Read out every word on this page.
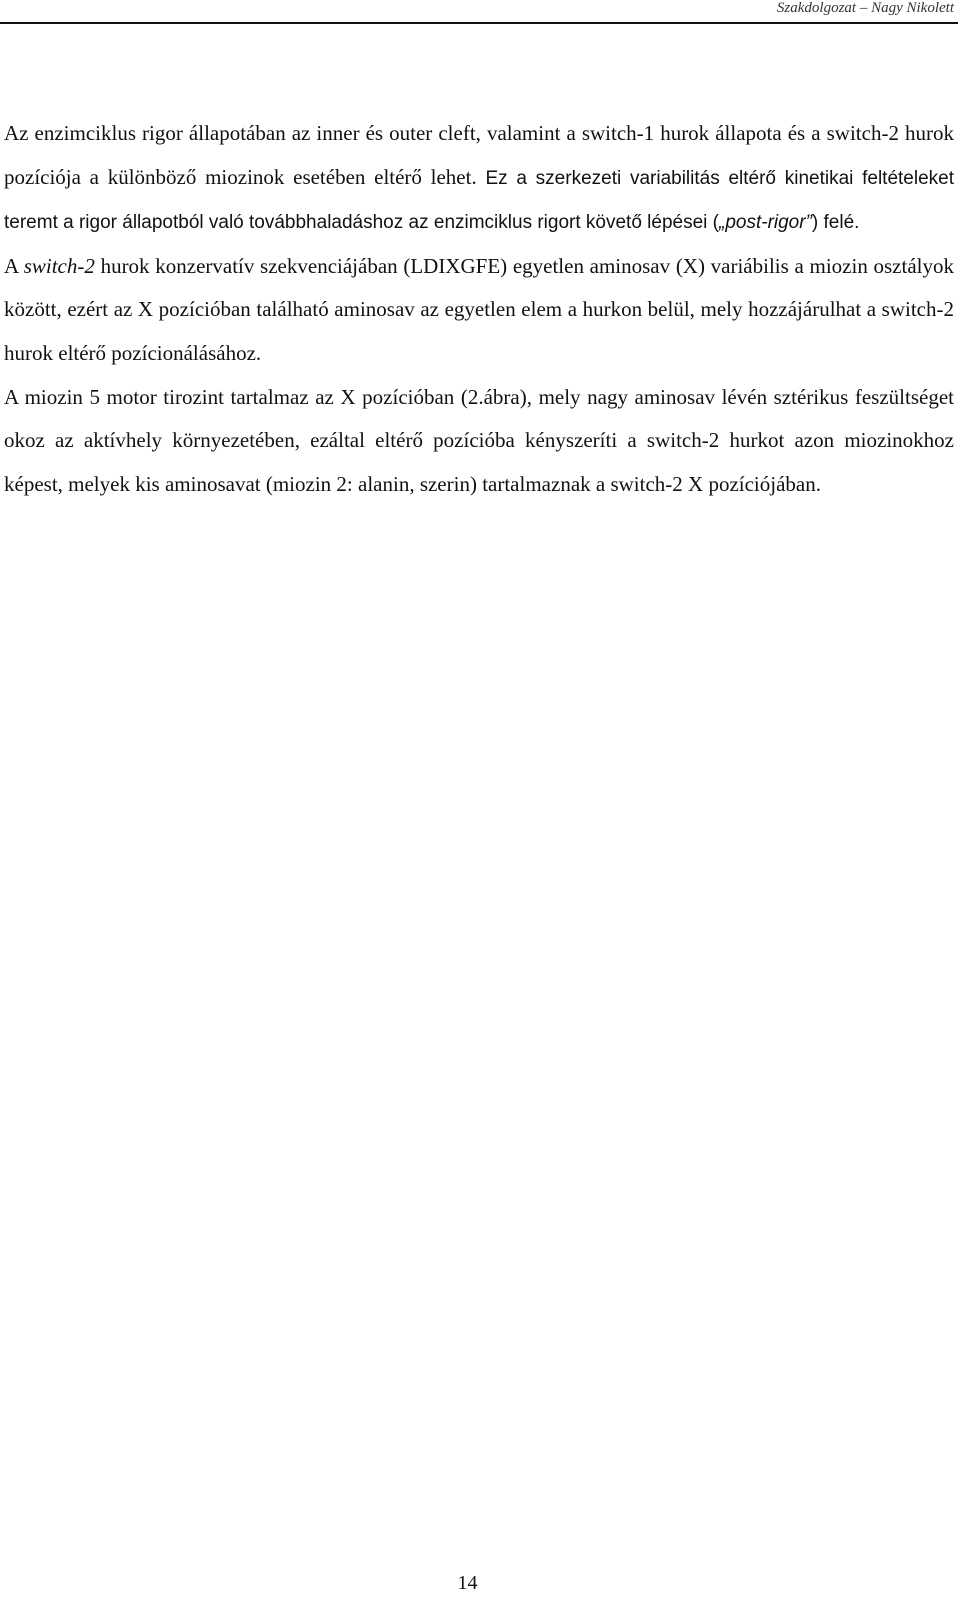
Szakdolgozat – Nagy Nikolett

Az enzimciklus rigor állapotában az inner és outer cleft, valamint a switch-1 hurok állapota és a switch-2 hurok pozíciója a különböző miozinok esetében eltérő lehet. Ez a szerkezeti variabilitás eltérő kinetikai feltételeket teremt a rigor állapotból való továbbhaladáshoz az enzimciklus rigort követő lépései („post-rigor”) felé.

A switch-2 hurok konzervatív szekvenciájában (LDIXGFE) egyetlen aminosav (X) variábilis a miozin osztályok között, ezért az X pozícióban található aminosav az egyetlen elem a hurkon belül, mely hozzájárulhat a switch-2 hurok eltérő pozícionálásához.

A miozin 5 motor tirozint tartalmaz az X pozícióban (2.ábra), mely nagy aminosav lévén sztérikus feszültséget okoz az aktívhely környezetében, ezáltal eltérő pozícióba kényszeríti a switch-2 hurkot azon miozinokhoz képest, melyek kis aminosavat (miozin 2: alanin, szerin) tartalmaznak a switch-2 X pozíciójában.

14
